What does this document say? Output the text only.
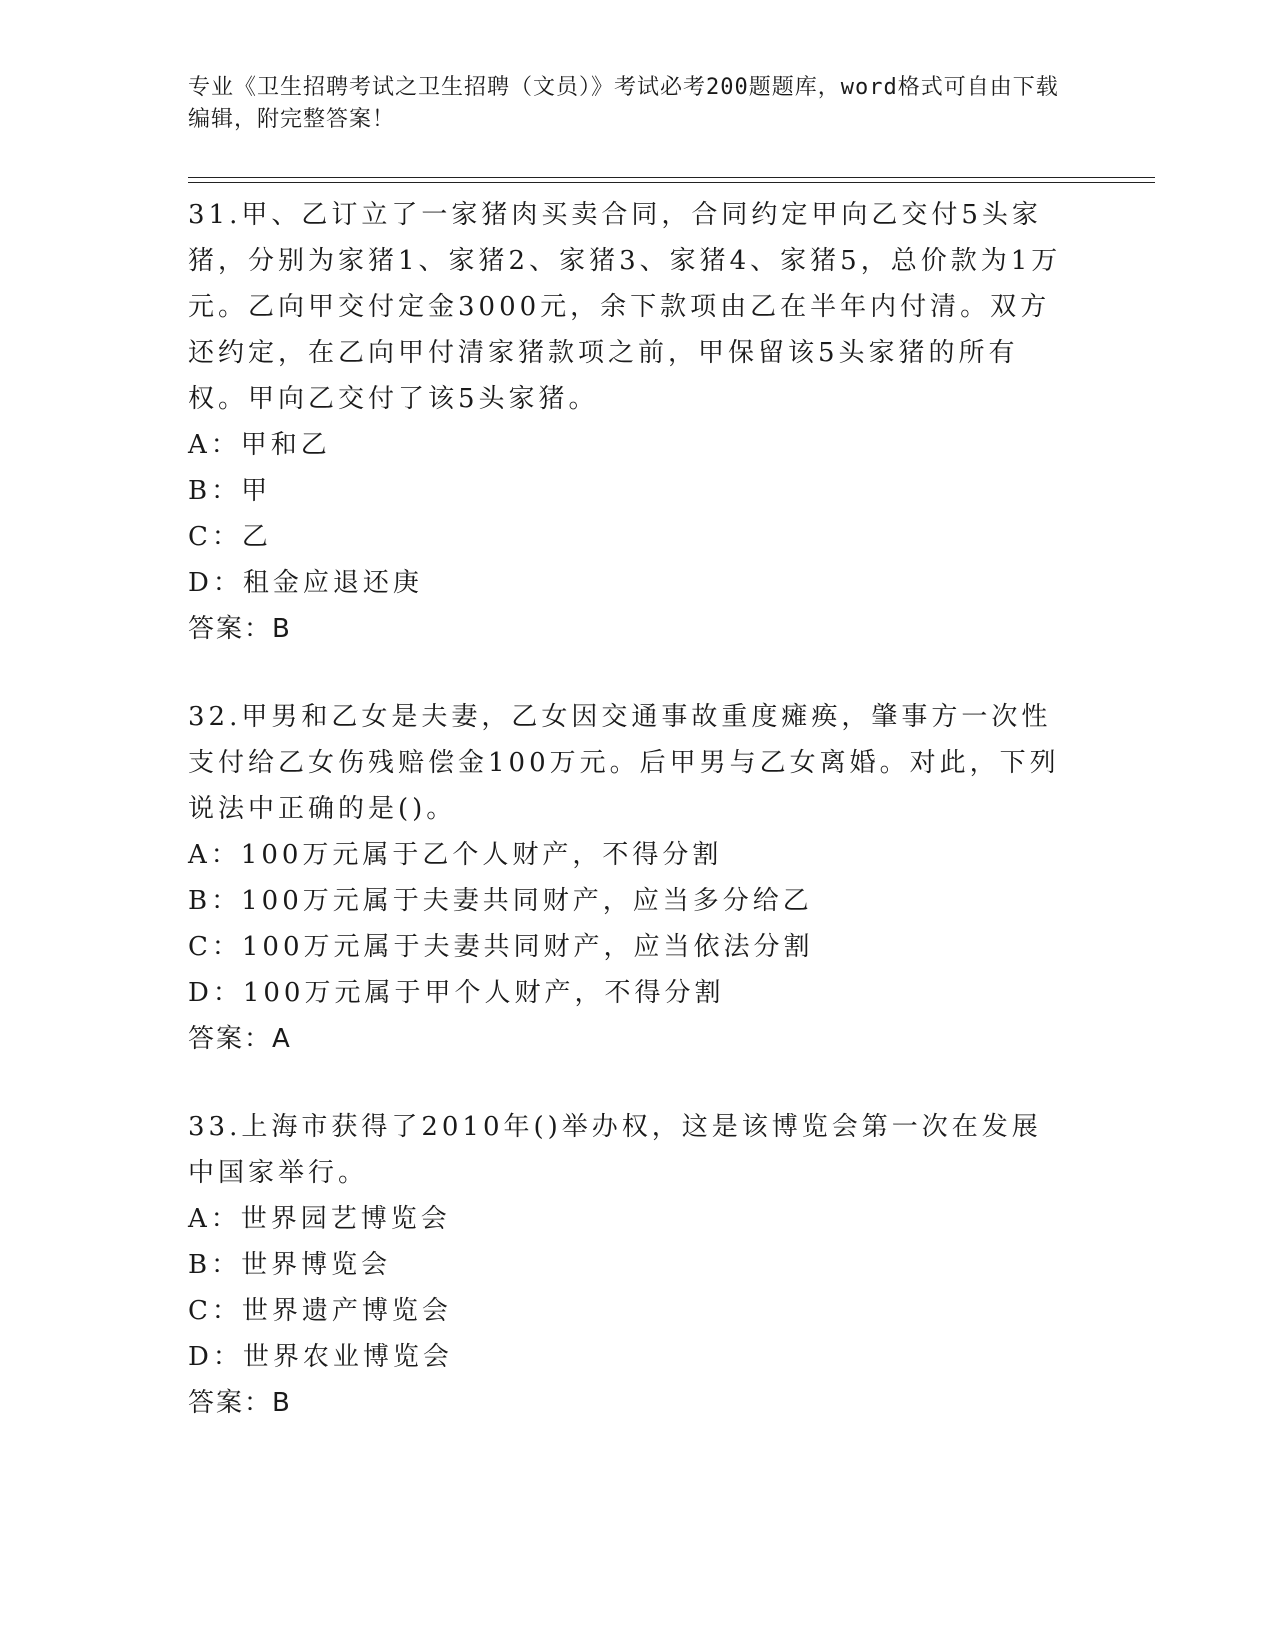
专业《卫生招聘考试之卫生招聘（文员）》考试必考200题题库，word格式可自由下载编辑，附完整答案！

31.甲、乙订立了一家猪肉买卖合同，合同约定甲向乙交付5头家猪，分别为家猪1、家猪2、家猪3、家猪4、家猪5，总价款为1万元。乙向甲交付定金3000元，余下款项由乙在半年内付清。双方还约定，在乙向甲付清家猪款项之前，甲保留该5头家猪的所有权。甲向乙交付了该5头家猪。

A：甲和乙

B：甲

C：乙

D：租金应退还庚

答案：B

32.甲男和乙女是夫妻，乙女因交通事故重度瘫痪，肇事方一次性支付给乙女伤残赔偿金100万元。后甲男与乙女离婚。对此，下列说法中正确的是()。

A：100万元属于乙个人财产，不得分割

B：100万元属于夫妻共同财产，应当多分给乙

C：100万元属于夫妻共同财产，应当依法分割

D：100万元属于甲个人财产，不得分割

答案：A

33.上海市获得了2010年()举办权，这是该博览会第一次在发展中国家举行。

A：世界园艺博览会

B：世界博览会

C：世界遗产博览会

D：世界农业博览会

答案：B
